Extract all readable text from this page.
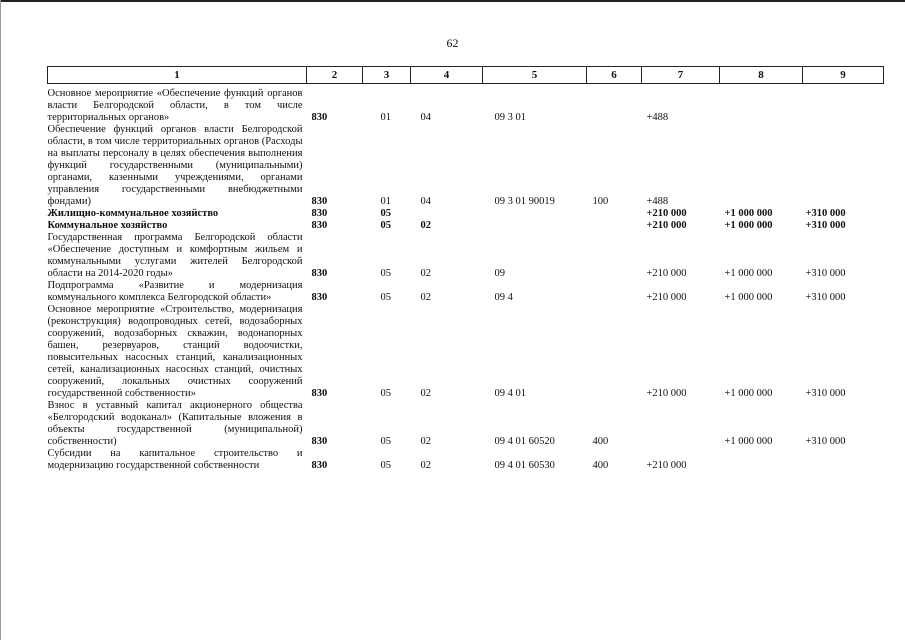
62
1	2	3	4	5	6	7	8	9

Основное мероприятие «Обеспечение функций органов власти Белгородской области, в том числе территориальных органов»	830	01	04	09 3 01		+488		
Обеспечение функций органов власти Белгородской области, в том числе территориальных органов (Расходы на выплаты персоналу в целях обеспечения выполнения функций государственными (муниципальными) органами, казенными учреждениями, органами управления государственными внебюджетными фондами)	830	01	04	09 3 01 90019	100	+488		
Жилищно-коммунальное хозяйство	830	05				+210 000	+1 000 000	+310 000
Коммунальное хозяйство	830	05	02			+210 000	+1 000 000	+310 000
Государственная программа Белгородской области «Обеспечение доступным и комфортным жильем и коммунальными услугами жителей Белгородской области на 2014-2020 годы»	830	05	02	09		+210 000	+1 000 000	+310 000
Подпрограмма «Развитие и модернизация коммунального комплекса Белгородской области»	830	05	02	09 4		+210 000	+1 000 000	+310 000
Основное мероприятие «Строительство, модернизация (реконструкция) водопроводных сетей, водозаборных сооружений, водозаборных скважин, водонапорных башен, резервуаров, станций водоочистки, повысительных насосных станций, канализационных сетей, канализационных насосных станций, очистных сооружений, локальных очистных сооружений государственной собственности»	830	05	02	09 4 01		+210 000	+1 000 000	+310 000
Взнос в уставный капитал акционерного общества «Белгородский водоканал» (Капитальные вложения в объекты государственной (муниципальной) собственности)	830	05	02	09 4 01 60520	400		+1 000 000	+310 000
Субсидии на капитальное строительство и модернизацию государственной собственности	830	05	02	09 4 01 60530	400	+210 000		
